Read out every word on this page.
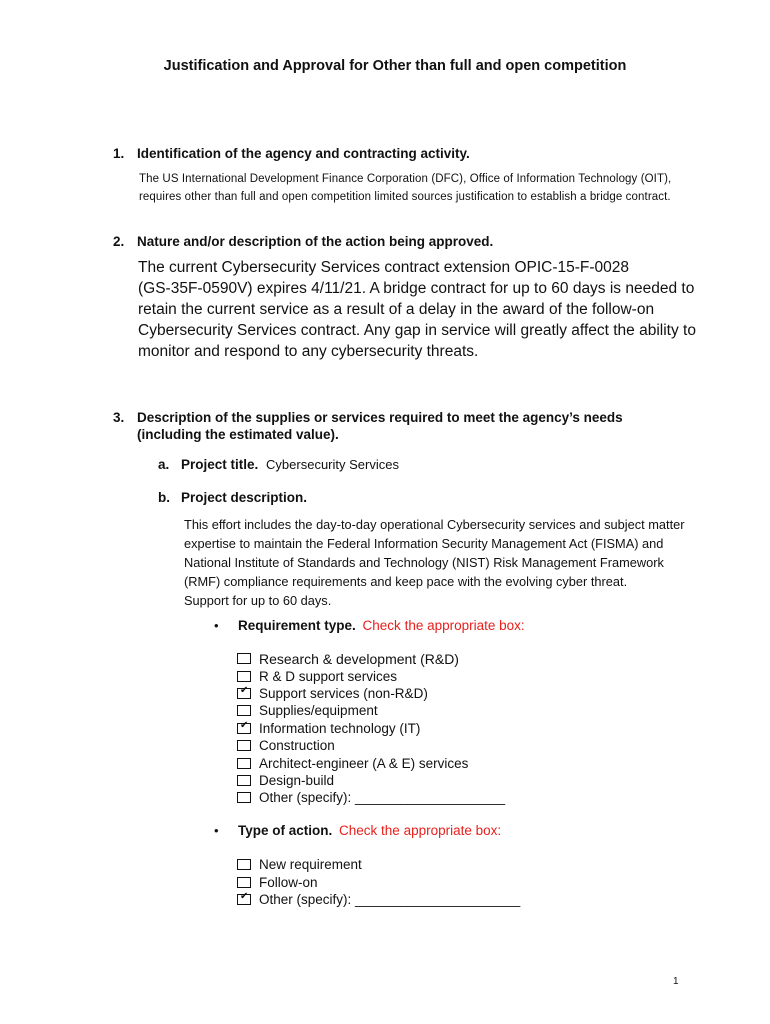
Justification and Approval for Other than full and open competition
1. Identification of the agency and contracting activity.
The US International Development Finance Corporation (DFC), Office of Information Technology (OIT),
requires other than full and open competition limited sources justification to establish a bridge contract.
2. Nature and/or description of the action being approved.
The current Cybersecurity Services contract extension OPIC-15-F-0028
(GS-35F-0590V) expires 4/11/21. A bridge contract for up to 60 days is needed to
retain the current service as a result of a delay in the award of the follow-on
Cybersecurity Services contract. Any gap in service will greatly affect the ability to
monitor and respond to any cybersecurity threats.
3. Description of the supplies or services required to meet the agency’s needs
(including the estimated value).
a. Project title. Cybersecurity Services
b. Project description.
This effort includes the day-to-day operational Cybersecurity services and subject matter
expertise to maintain the Federal Information Security Management Act (FISMA) and
National Institute of Standards and Technology (NIST) Risk Management Framework
(RMF) compliance requirements and keep pace with the evolving cyber threat.
Support for up to 60 days.
• Requirement type. Check the appropriate box:
Research & development (R&D)
R & D support services
✔
Support services (non-R&D)
Supplies/equipment
✔
Information technology (IT)
Construction
Architect-engineer (A & E) services
Design-build
Other (specify): ____________________
• Type of action. Check the appropriate box:
New requirement
Follow-on
✔
Other (specify): ______________________
1
